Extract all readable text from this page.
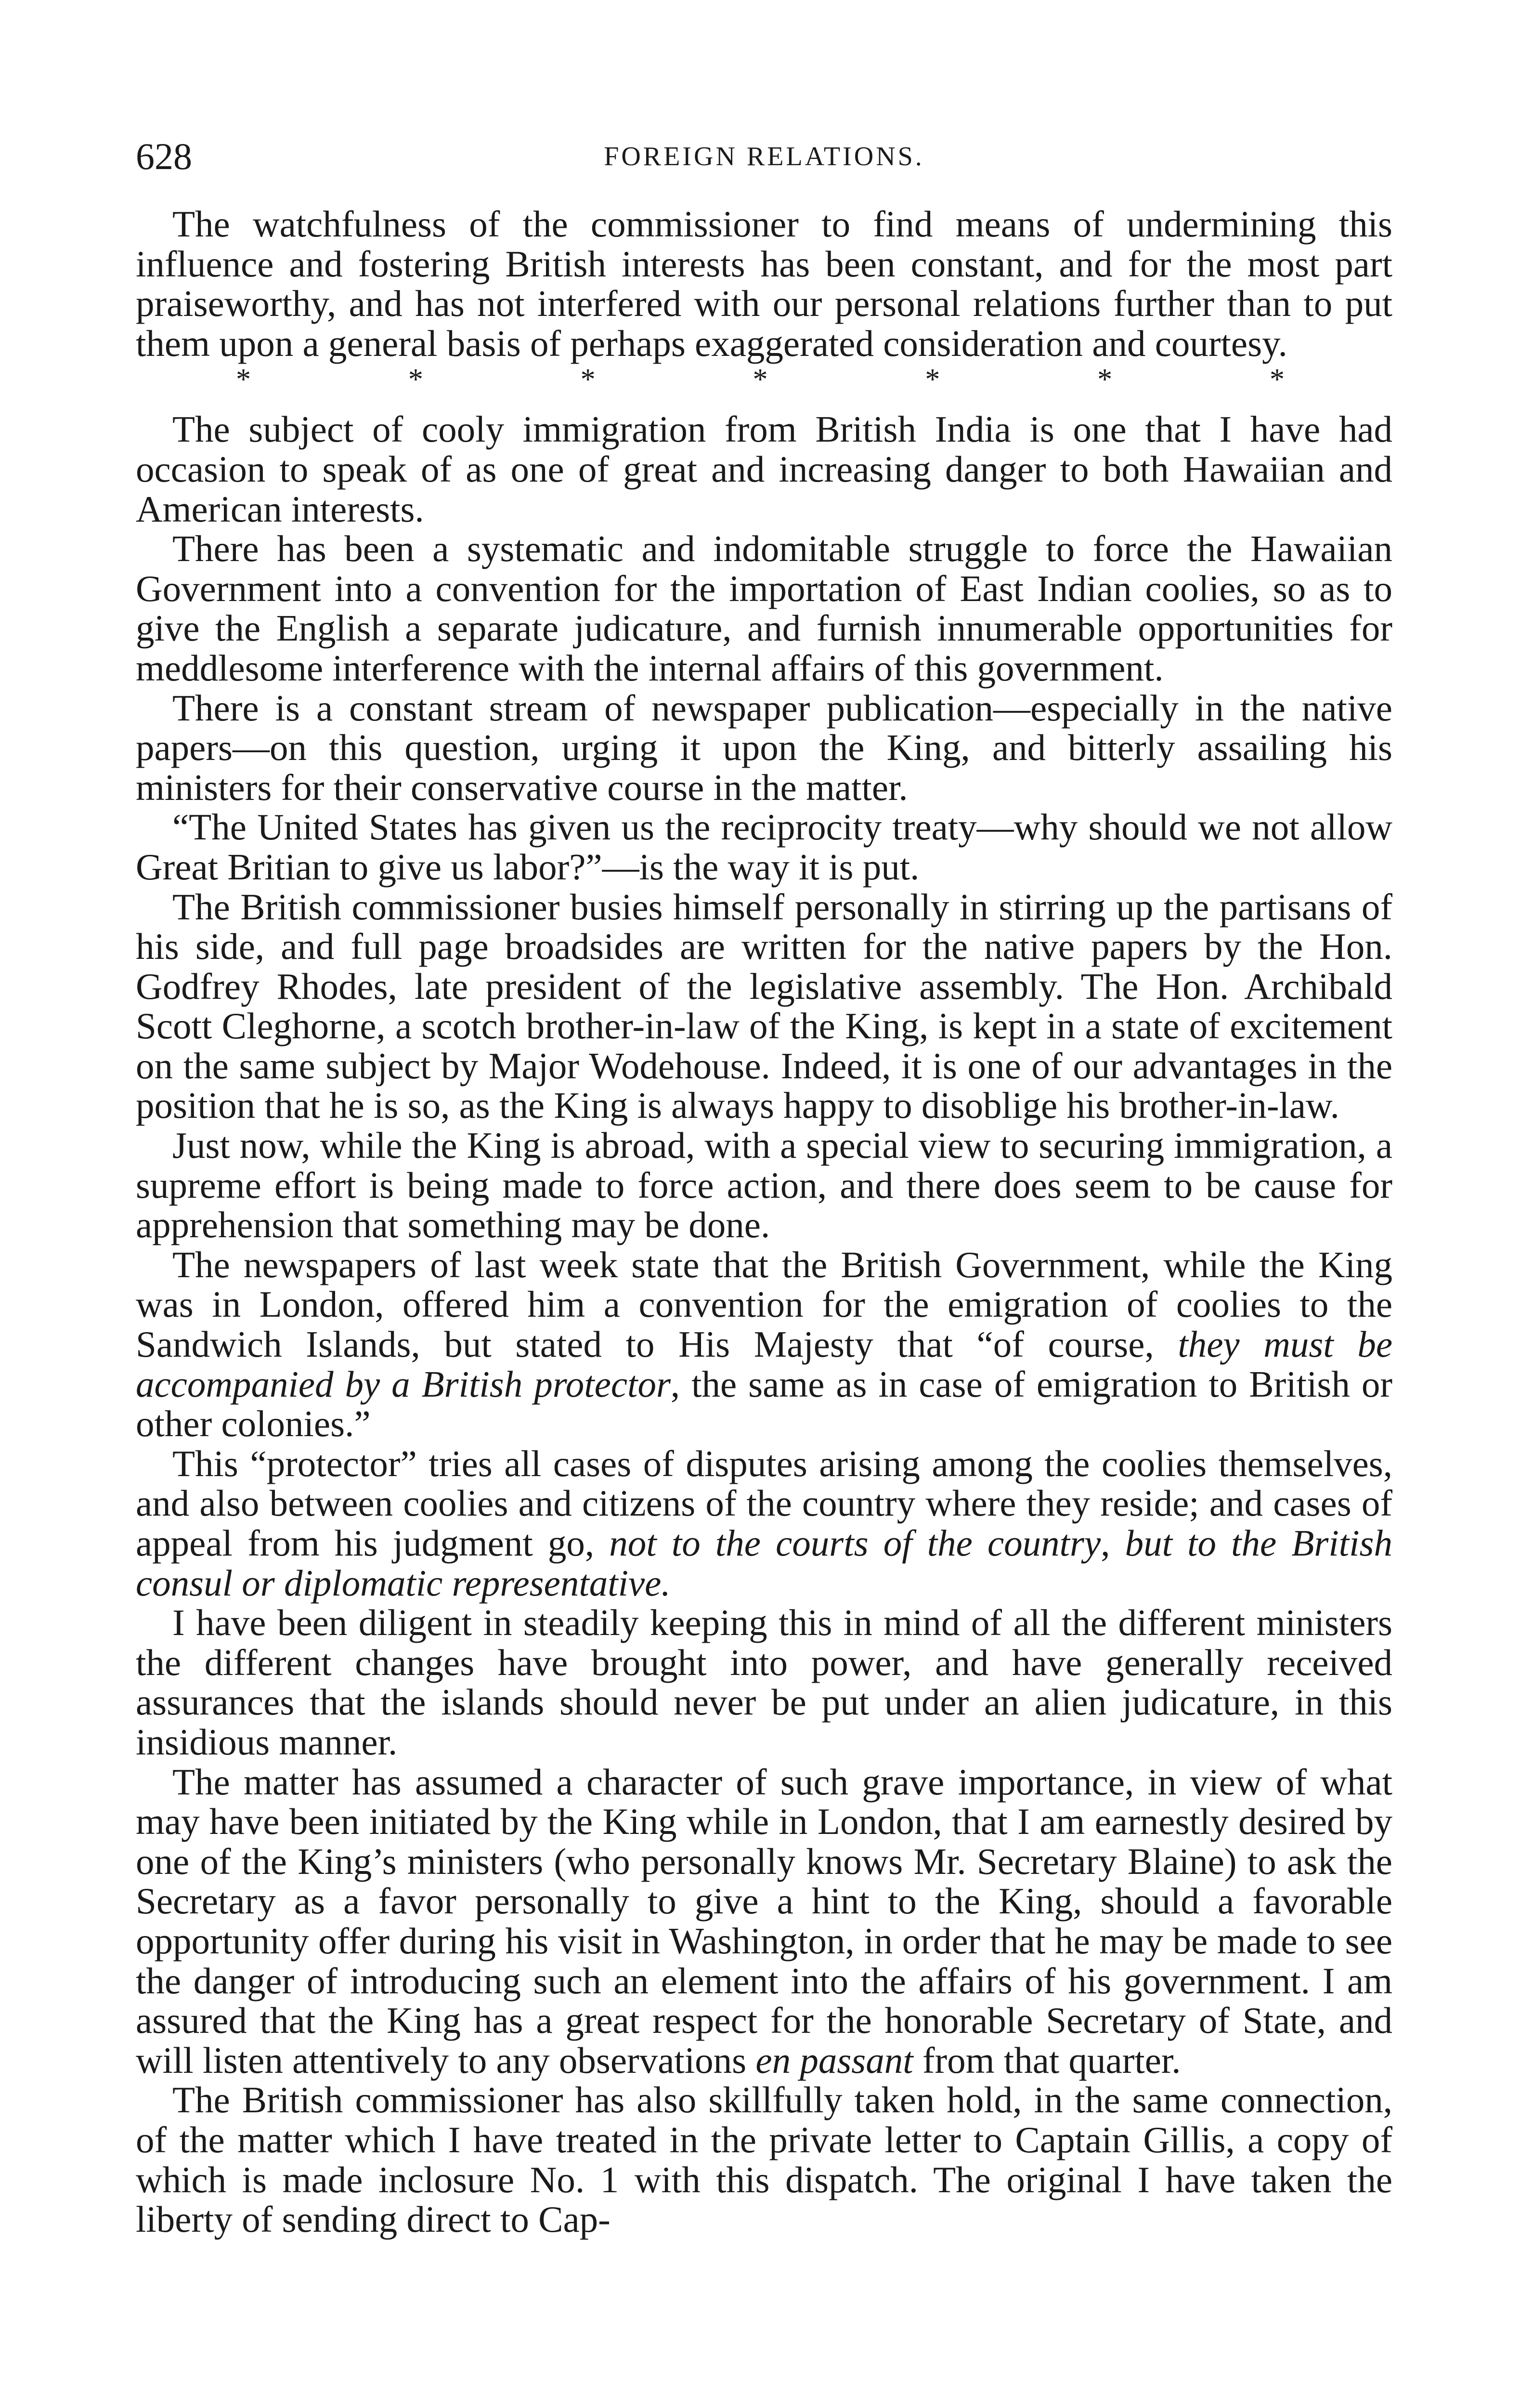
628	FOREIGN RELATIONS.

The watchfulness of the commissioner to find means of undermining this influence and fostering British interests has been constant, and for the most part praiseworthy, and has not interfered with our personal relations further than to put them upon a general basis of perhaps exaggerated consideration and courtesy.

*	*	*	*	*	*	*

The subject of cooly immigration from British India is one that I have had occasion to speak of as one of great and increasing danger to both Hawaiian and American interests.

There has been a systematic and indomitable struggle to force the Hawaiian Government into a convention for the importation of East Indian coolies, so as to give the English a separate judicature, and furnish innumerable opportunities for meddlesome interference with the internal affairs of this government.

There is a constant stream of newspaper publication—especially in the native papers—on this question, urging it upon the King, and bitterly assailing his ministers for their conservative course in the matter.

“The United States has given us the reciprocity treaty—why should we not allow Great Britian to give us labor?”—is the way it is put.

The British commissioner busies himself personally in stirring up the partisans of his side, and full page broadsides are written for the native papers by the Hon. Godfrey Rhodes, late president of the legislative assembly. The Hon. Archibald Scott Cleghorne, a scotch brother-in-law of the King, is kept in a state of excitement on the same subject by Major Wodehouse. Indeed, it is one of our advantages in the position that he is so, as the King is always happy to disoblige his brother-in-law.

Just now, while the King is abroad, with a special view to securing immigration, a supreme effort is being made to force action, and there does seem to be cause for apprehension that something may be done.

The newspapers of last week state that the British Government, while the King was in London, offered him a convention for the emigration of coolies to the Sandwich Islands, but stated to His Majesty that “of course, they must be accompanied by a British protector, the same as in case of emigration to British or other colonies.”

This “protector” tries all cases of disputes arising among the coolies themselves, and also between coolies and citizens of the country where they reside; and cases of appeal from his judgment go, not to the courts of the country, but to the British consul or diplomatic representative.

I have been diligent in steadily keeping this in mind of all the different ministers the different changes have brought into power, and have generally received assurances that the islands should never be put under an alien judicature, in this insidious manner.

The matter has assumed a character of such grave importance, in view of what may have been initiated by the King while in London, that I am earnestly desired by one of the King’s ministers (who personally knows Mr. Secretary Blaine) to ask the Secretary as a favor personally to give a hint to the King, should a favorable opportunity offer during his visit in Washington, in order that he may be made to see the danger of introducing such an element into the affairs of his government. I am assured that the King has a great respect for the honorable Secretary of State, and will listen attentively to any observations en passant from that quarter.

The British commissioner has also skillfully taken hold, in the same connection, of the matter which I have treated in the private letter to Captain Gillis, a copy of which is made inclosure No. 1 with this dispatch. The original I have taken the liberty of sending direct to Cap-
